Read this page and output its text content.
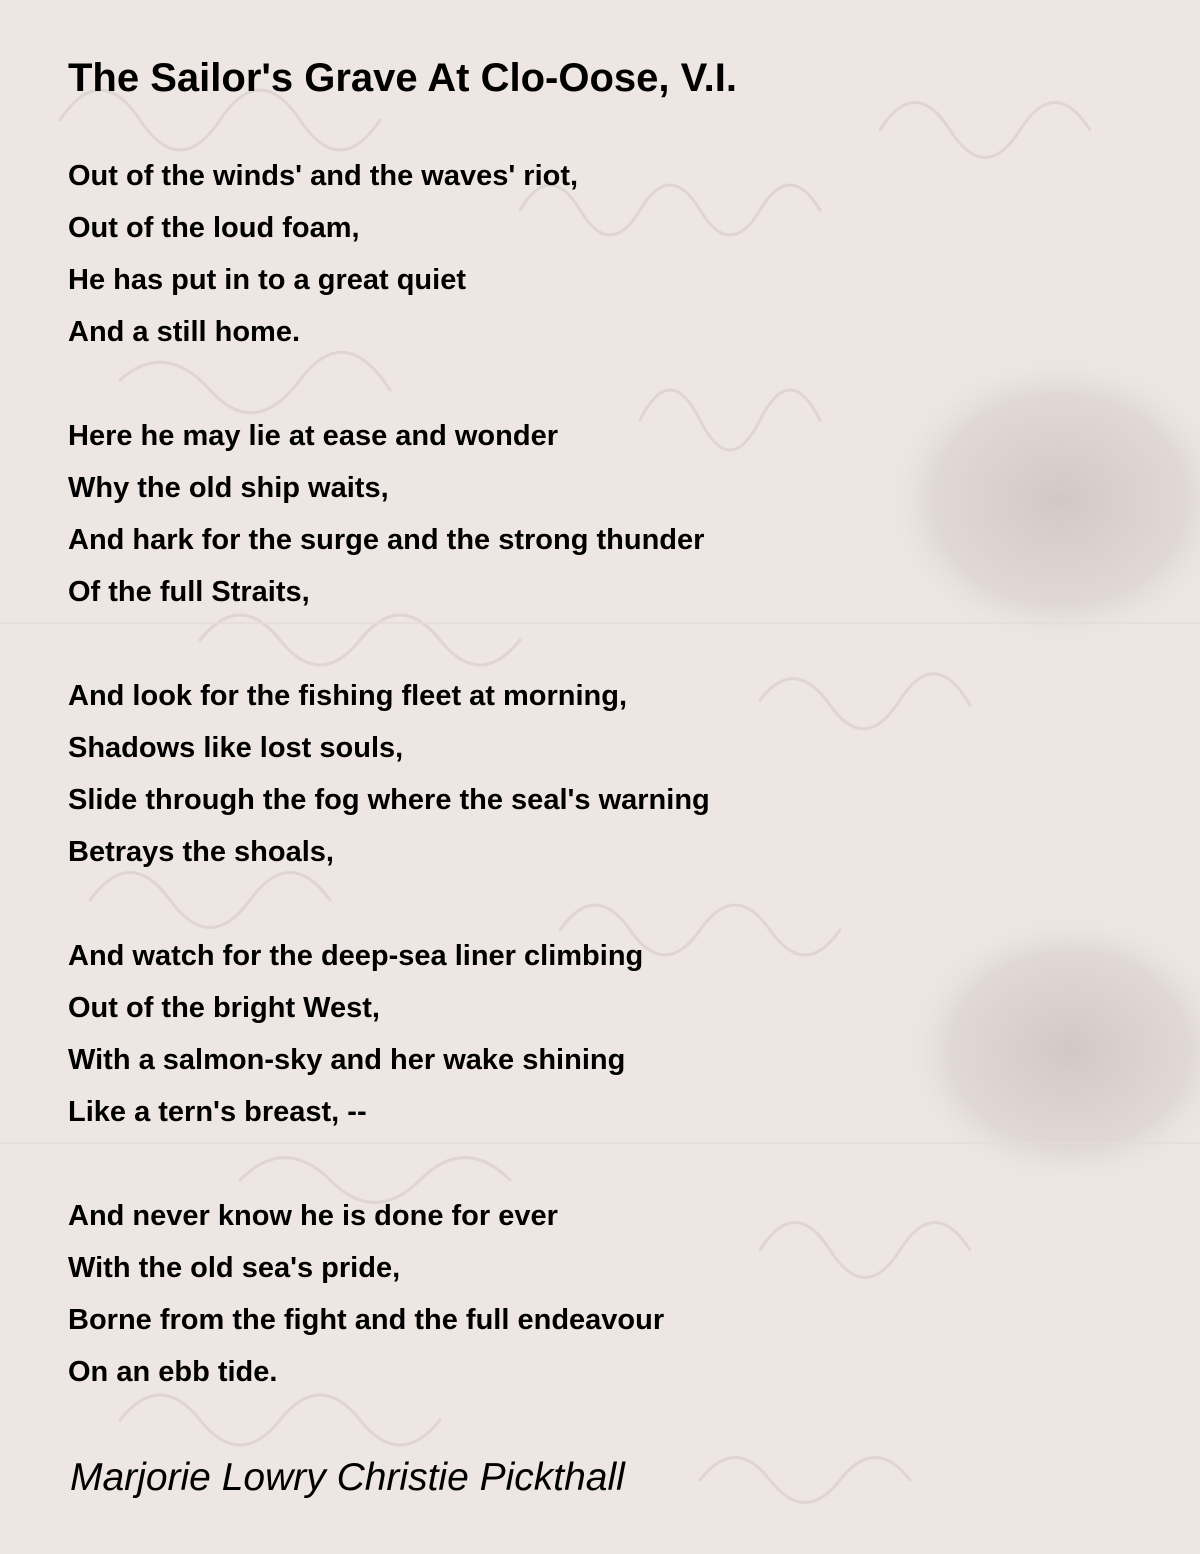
The Sailor's Grave At Clo-Oose, V.I.
Out of the winds' and the waves' riot,
Out of the loud foam,
He has put in to a great quiet
And a still home.
Here he may lie at ease and wonder
Why the old ship waits,
And hark for the surge and the strong thunder
Of the full Straits,
And look for the fishing fleet at morning,
Shadows like lost souls,
Slide through the fog where the seal's warning
Betrays the shoals,
And watch for the deep-sea liner climbing
Out of the bright West,
With a salmon-sky and her wake shining
Like a tern's breast, --
And never know he is done for ever
With the old sea's pride,
Borne from the fight and the full endeavour
On an ebb tide.
Marjorie Lowry Christie Pickthall
